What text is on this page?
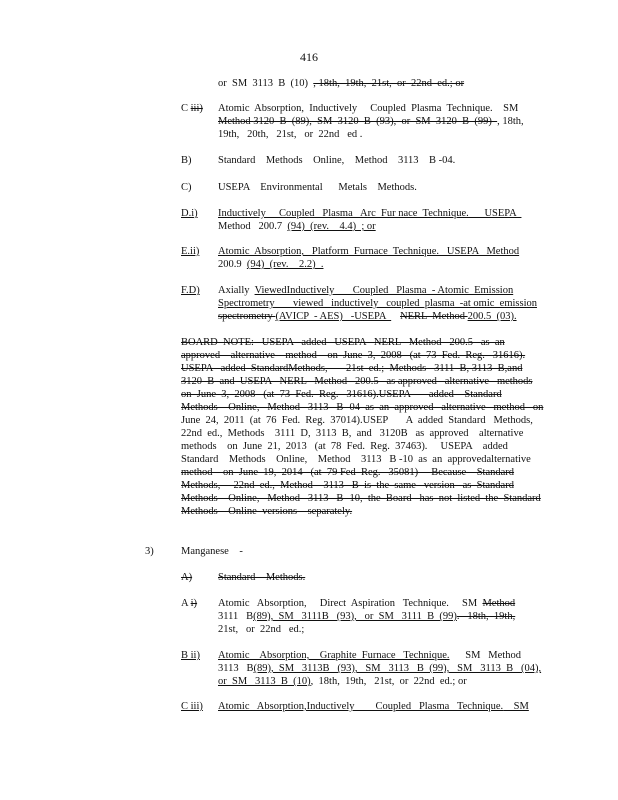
416
or  SM  3113  B  (10)  , 18th,  19th,  21st,  or  22nd  ed.; or
C iii) Atomic  Absorption,  Inductively     Coupled  Plasma  Technique.    SM
Method 3120  B  (89),  SM  3120  B  (93),  or  SM  3120  B  (99)  , 18th,
19th,   20th,   21st,   or  22nd   ed .
B)	Standard    Methods    Online,    Method    3113    B -04.
C)	USEPA    Environmental      Metals    Methods.
D.i) Inductively     Coupled   Plasma   Arc  Fur nace  Technique.      USEPA
Method   200.7  (94)  (rev.    4.4)  ; or
E.ii) Atomic  Absorption,   Platform  Furnace  Technique.   USEPA   Method
200.9  (94)  (rev.    2.2)  .
F.D) Axially  ViewedInductively       Coupled   Plasma  - Atomic  Emission
Spectrometry       viewed   inductively   coupled  plasma  -at omic  emission
spectrometry (AVICP  - AES)   -USEPA NERL  Method 200.5  (03).
BOARD  NOTE:   USEPA   added   USEPA   NERL   Method   200.5   as  an
approved    alternative    method    on  June  3,  2008   (at  73  Fed.  Reg.   31616).
USEPA   added  StandardMethods,       21st  ed.;  Methods   3111  B, 3113  B,and
3120  B  and  USEPA   NERL   Method   200.5   as approved   alternative   methods
on  June  3,  2008   (at  73  Fed.  Reg.   31616).USEPA       added    Standard
Methods    Online,   Method   3113   B -04  as  an  approved   alternative   method   on
June  24,  2011  (at  76  Fed.  Reg.  37014).USEP       A  added  Standard   Methods,
22nd  ed.,  Methods    3111  D,  3113  B,  and   3120B   as  approved    alternative
methods    on  June  21,  2013   (at  78  Fed.  Reg.  37463).     USEPA    added
Standard    Methods    Online,    Method    3113   B -10  as  an  approvedalternative
method    on  June  19,  2014   (at  79 Fed  Reg.   35081)     Because    Standard
Methods,     22nd  ed.,  Method    3113   B  is  the  same   version   as  Standard
Methods    Online,   Method   3113   B -10,  the  Board   has  not  listed  the  Standard
Methods    Online  versions    separately.
3)	Manganese    -
A) Standard    Methods.
A i) Atomic   Absorption,     Direct  Aspiration   Technique.     SM  Method
3111   B(89),  SM   3111B   (93),   or  SM   3111  B  (99).   18th,  19th,
21st,   or  22nd   ed.;
B ii) Atomic    Absorption,    Graphite  Furnace   Technique.      SM   Method
3113   B(89),  SM   3113B   (93),   SM   3113   B  (99),   SM   3113  B   (04),
or  SM   3113  B  (10),  18th,  19th,   21st,  or  22nd  ed.; or
C iii) Atomic   Absorption,Inductively        Coupled   Plasma   Technique.    SM
